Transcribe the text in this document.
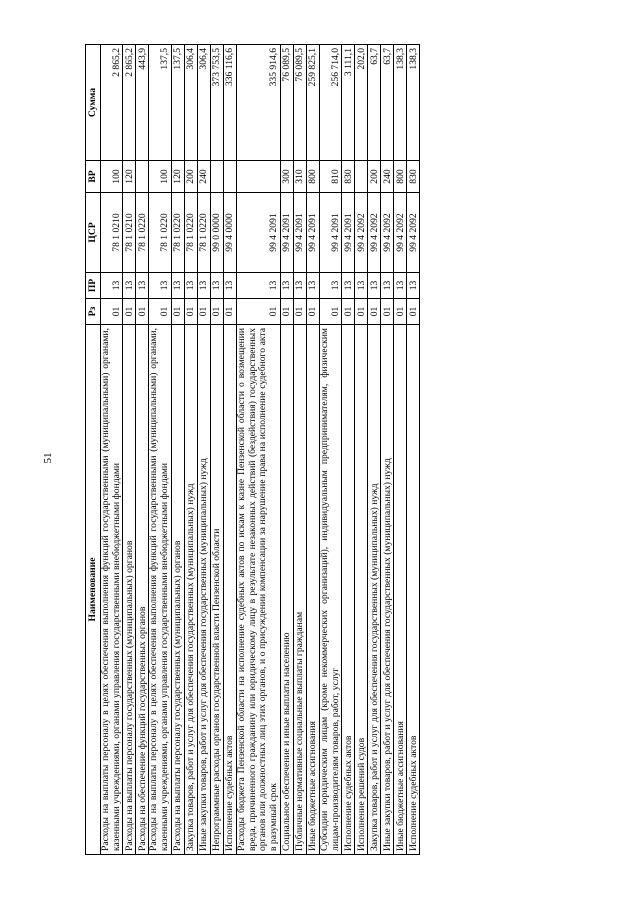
51
Наименование	Рз	ПР	ЦСР	ВР	Сумма
Расходы на выплаты персоналу в целях обеспечения выполнения функций государственными (муниципальными) органами, казенными учреждениями, органами управления государственными внебюджетными фондами	01	13	78 1 0210	100	2 865,2
Расходы на выплаты персоналу государственных (муниципальных) органов	01	13	78 1 0210	120	2 865,2
Расходы на обеспечение функций государственных органов	01	13	78 1 0220		443,9
Расходы на выплаты персоналу в целях обеспечения выполнения функций государственными (муниципальными) органами, казенными учреждениями, органами управления государственными внебюджетными фондами	01	13	78 1 0220	100	137,5
Расходы на выплаты персоналу государственных (муниципальных) органов	01	13	78 1 0220	120	137,5
Закупка товаров, работ и услуг для обеспечения государственных (муниципальных) нужд	01	13	78 1 0220	200	306,4
Иные закупки товаров, работ и услуг для обеспечения государственных (муниципальных) нужд	01	13	78 1 0220	240	306,4
Непрограммные расходы органов государственной власти Пензенской области	01	13	99 0 0000		373 753,5
Исполнение судебных актов	01	13	99 4 0000		336 116,6
Расходы бюджета Пензенской области на исполнение судебных актов по искам к казне Пензенской области о возмещении вреда, причиненного гражданину или юридическому лицу в результате незаконных действий (бездействия) государственных органов или должностных лиц этих органов, и о присуждении компенсации за нарушение права на исполнение судебного акта в разумный срок	01	13	99 4 2091		335 914,6
Социальное обеспечение и иные выплаты населению	01	13	99 4 2091	300	76 089,5
Публичные нормативные социальные выплаты гражданам	01	13	99 4 2091	310	76 089,5
Иные бюджетные ассигнования	01	13	99 4 2091	800	259 825,1
Субсидии юридическим лицам (кроме некоммерческих организаций), индивидуальным предпринимателям, физическим лицам-производителям товаров, работ, услуг	01	13	99 4 2091	810	256 714,0
Исполнение судебных актов	01	13	99 4 2091	830	3 111,1
Исполнение решений судов	01	13	99 4 2092		202,0
Закупка товаров, работ и услуг для обеспечения государственных (муниципальных) нужд	01	13	99 4 2092	200	63,7
Иные закупки товаров, работ и услуг для обеспечения государственных (муниципальных) нужд	01	13	99 4 2092	240	63,7
Иные бюджетные ассигнования	01	13	99 4 2092	800	138,3
Исполнение судебных актов	01	13	99 4 2092	830	138,3
